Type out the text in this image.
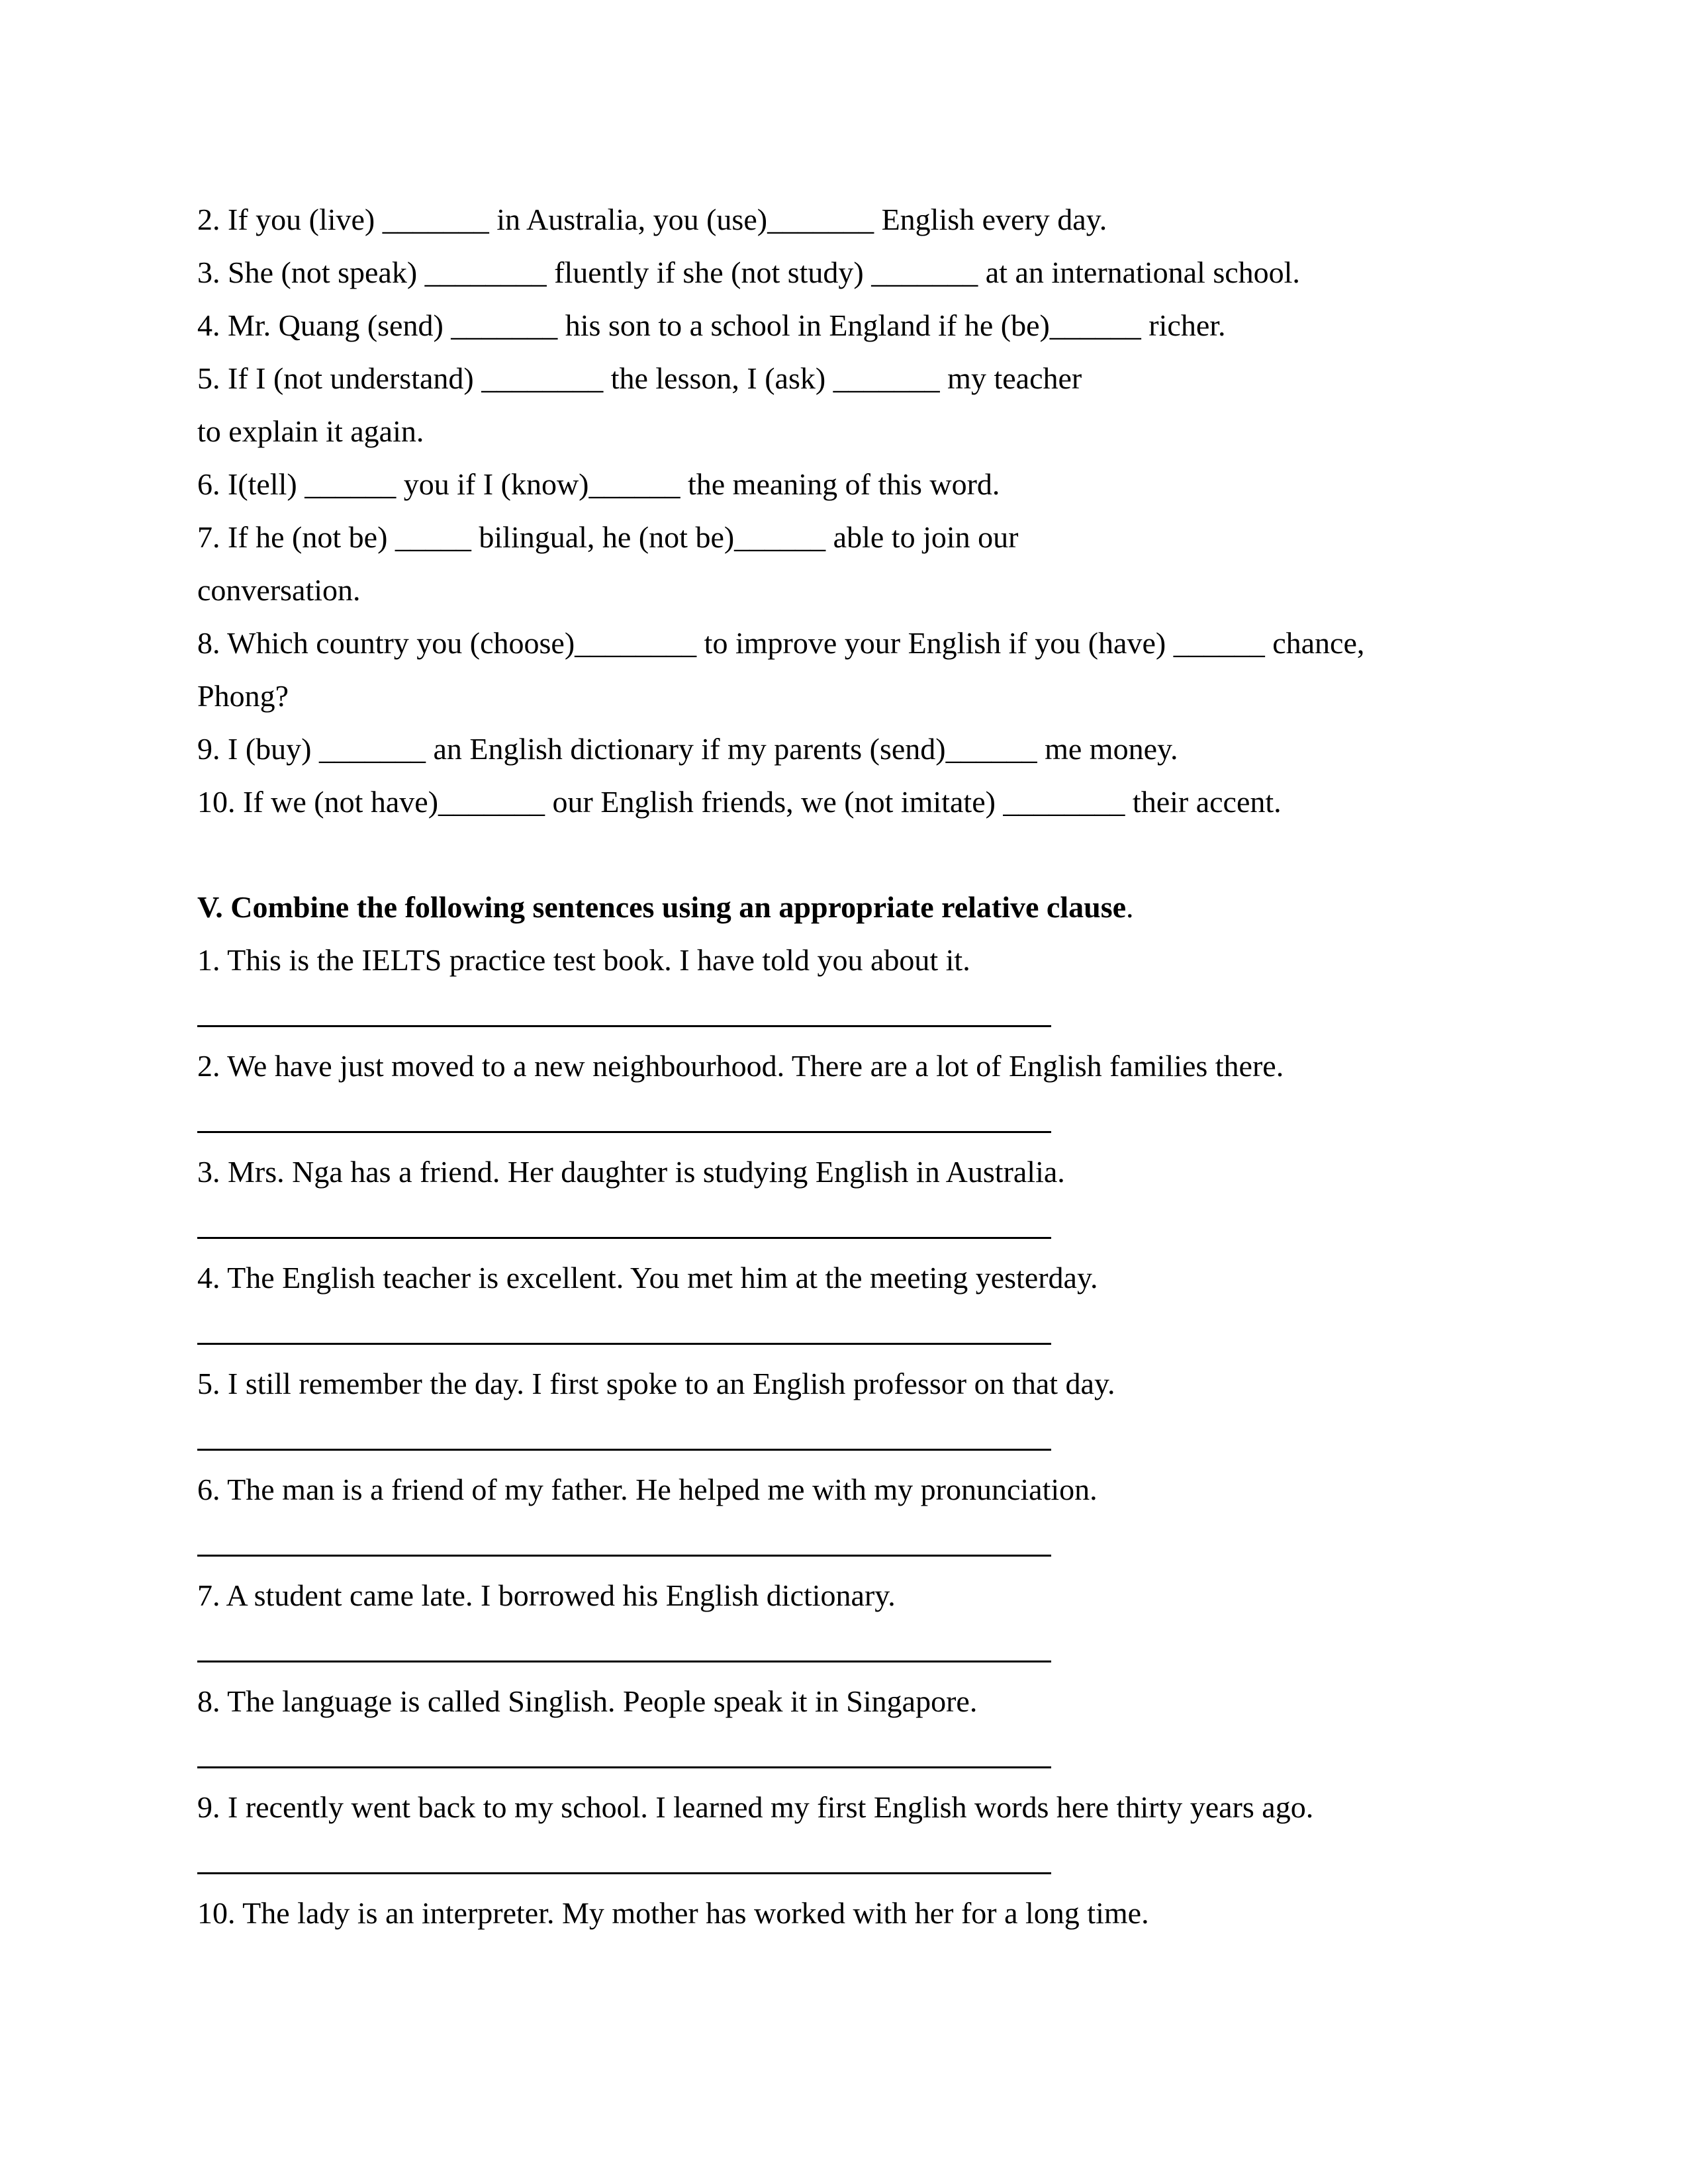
2. If you (live) _______ in Australia, you (use)_______ English every day.
3. She (not speak) ________ fluently if she (not study) _______ at an international school.
4. Mr. Quang (send) _______ his son to a school in England if he (be)______ richer.
5. If I (not understand) ________ the lesson, I (ask) _______ my teacher
to explain it again.
6. I(tell) ______ you if I (know)______ the meaning of this word.
7. If he (not be) _____ bilingual, he (not be)______ able to join our
conversation.
8. Which country you (choose)________ to improve your English if you (have) ______ chance,
Phong?
9. I (buy) _______ an English dictionary if my parents (send)______ me money.
10. If we (not have)_______ our English friends, we (not imitate) ________ their accent.
V. Combine the following sentences using an appropriate relative clause.
1. This is the IELTS practice test book. I have told you about it.
2. We have just moved to a new neighbourhood. There are a lot of English families there.
3. Mrs. Nga has a friend. Her daughter is studying English in Australia.
4. The English teacher is excellent. You met him at the meeting yesterday.
5. I still remember the day. I first spoke to an English professor on that day.
6. The man is a friend of my father. He helped me with my pronunciation.
7. A student came late. I borrowed his English dictionary.
8. The language is called Singlish. People speak it in Singapore.
9. I recently went back to my school. I learned my first English words here thirty years ago.
10. The lady is an interpreter. My mother has worked with her for a long time.
